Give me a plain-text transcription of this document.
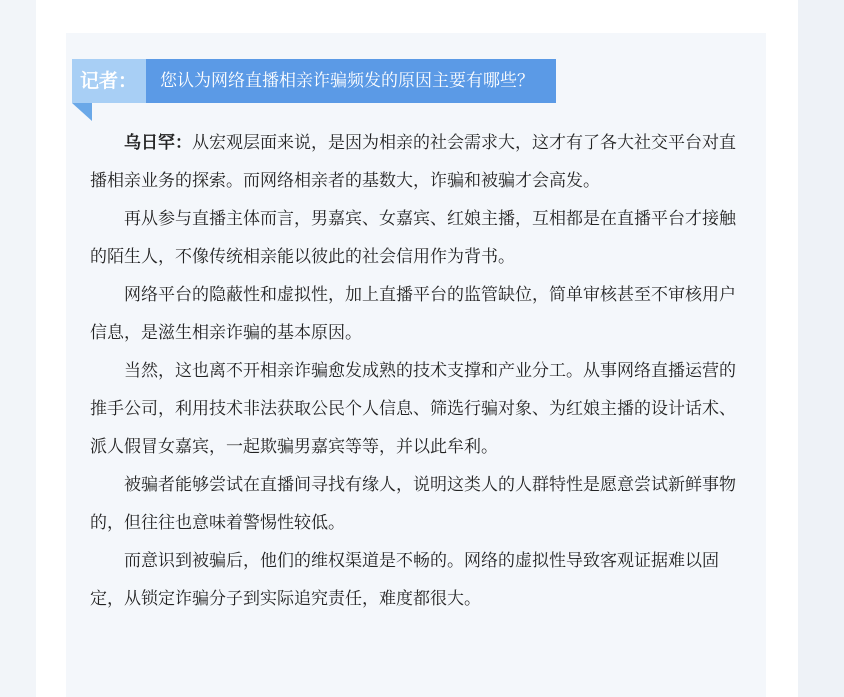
记者：	您认为网络直播相亲诈骗频发的原因主要有哪些？

乌日罕：从宏观层面来说，是因为相亲的社会需求大，这才有了各大社交平台对直播相亲业务的探索。而网络相亲者的基数大，诈骗和被骗才会高发。

再从参与直播主体而言，男嘉宾、女嘉宾、红娘主播，互相都是在直播平台才接触的陌生人，不像传统相亲能以彼此的社会信用作为背书。

网络平台的隐蔽性和虚拟性，加上直播平台的监管缺位，简单审核甚至不审核用户信息，是滋生相亲诈骗的基本原因。

当然，这也离不开相亲诈骗愈发成熟的技术支撑和产业分工。从事网络直播运营的推手公司，利用技术非法获取公民个人信息、筛选行骗对象、为红娘主播的设计话术、派人假冒女嘉宾，一起欺骗男嘉宾等等，并以此牟利。

被骗者能够尝试在直播间寻找有缘人，说明这类人的人群特性是愿意尝试新鲜事物的，但往往也意味着警惕性较低。

而意识到被骗后，他们的维权渠道是不畅的。网络的虚拟性导致客观证据难以固定，从锁定诈骗分子到实际追究责任，难度都很大。
